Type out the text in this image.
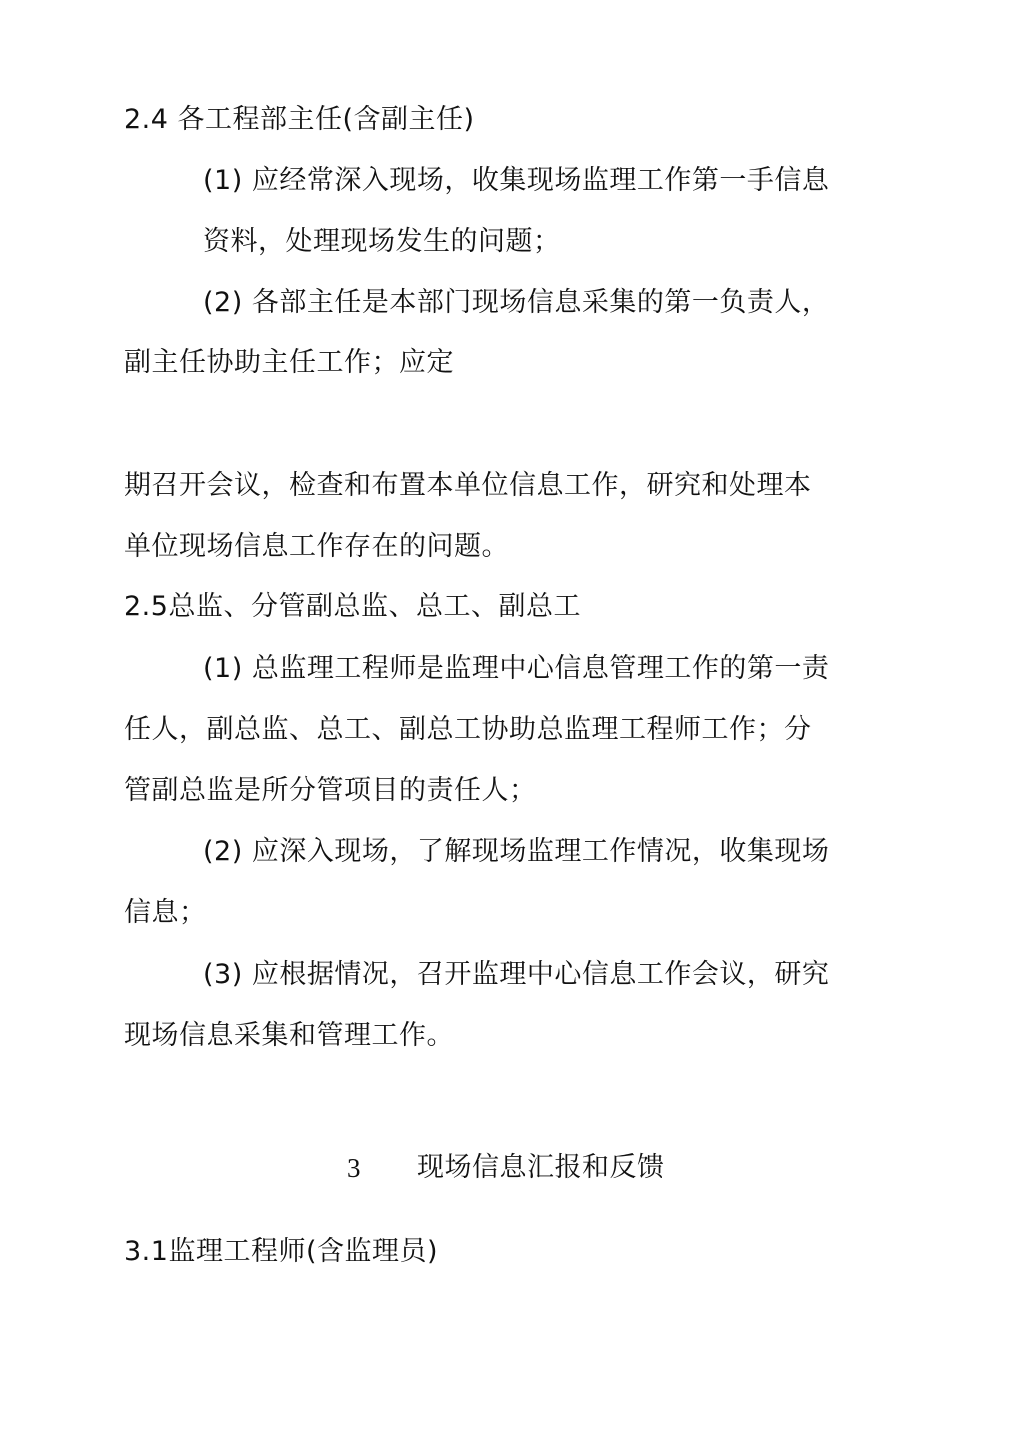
2.4 各工程部主任(含副主任)
(1) 应经常深入现场，收集现场监理工作第一手信息
资料，处理现场发生的问题；
(2) 各部主任是本部门现场信息采集的第一负责人，
副主任协助主任工作；应定
期召开会议，检查和布置本单位信息工作，研究和处理本
单位现场信息工作存在的问题。
2.5总监、分管副总监、总工、副总工
(1) 总监理工程师是监理中心信息管理工作的第一责
任人，副总监、总工、副总工协助总监理工程师工作；分
管副总监是所分管项目的责任人；
(2) 应深入现场，了解现场监理工作情况，收集现场
信息；
(3) 应根据情况，召开监理中心信息工作会议，研究
现场信息采集和管理工作。
3 现场信息汇报和反馈
3.1监理工程师(含监理员)
